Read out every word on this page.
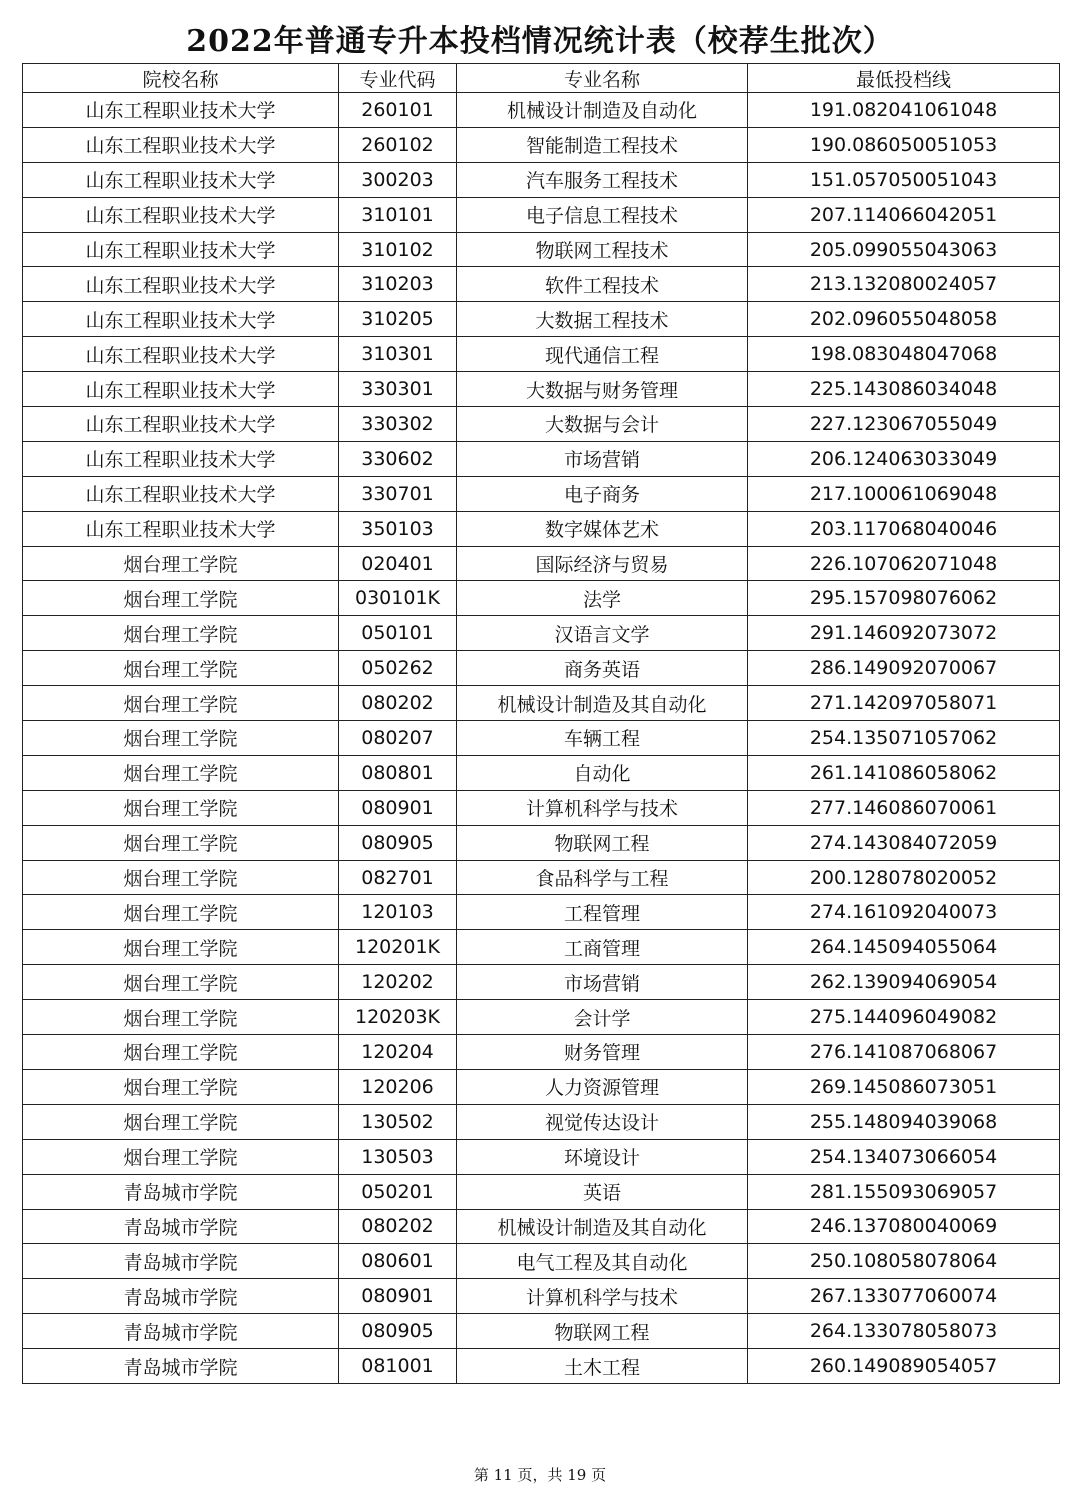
2022年普通专升本投档情况统计表（校荐生批次）
院校名称	专业代码	专业名称	最低投档线
山东工程职业技术大学	260101	机械设计制造及自动化	191.082041061048
山东工程职业技术大学	260102	智能制造工程技术	190.086050051053
山东工程职业技术大学	300203	汽车服务工程技术	151.057050051043
山东工程职业技术大学	310101	电子信息工程技术	207.114066042051
山东工程职业技术大学	310102	物联网工程技术	205.099055043063
山东工程职业技术大学	310203	软件工程技术	213.132080024057
山东工程职业技术大学	310205	大数据工程技术	202.096055048058
山东工程职业技术大学	310301	现代通信工程	198.083048047068
山东工程职业技术大学	330301	大数据与财务管理	225.143086034048
山东工程职业技术大学	330302	大数据与会计	227.123067055049
山东工程职业技术大学	330602	市场营销	206.124063033049
山东工程职业技术大学	330701	电子商务	217.100061069048
山东工程职业技术大学	350103	数字媒体艺术	203.117068040046
烟台理工学院	020401	国际经济与贸易	226.107062071048
烟台理工学院	030101K	法学	295.157098076062
烟台理工学院	050101	汉语言文学	291.146092073072
烟台理工学院	050262	商务英语	286.149092070067
烟台理工学院	080202	机械设计制造及其自动化	271.142097058071
烟台理工学院	080207	车辆工程	254.135071057062
烟台理工学院	080801	自动化	261.141086058062
烟台理工学院	080901	计算机科学与技术	277.146086070061
烟台理工学院	080905	物联网工程	274.143084072059
烟台理工学院	082701	食品科学与工程	200.128078020052
烟台理工学院	120103	工程管理	274.161092040073
烟台理工学院	120201K	工商管理	264.145094055064
烟台理工学院	120202	市场营销	262.139094069054
烟台理工学院	120203K	会计学	275.144096049082
烟台理工学院	120204	财务管理	276.141087068067
烟台理工学院	120206	人力资源管理	269.145086073051
烟台理工学院	130502	视觉传达设计	255.148094039068
烟台理工学院	130503	环境设计	254.134073066054
青岛城市学院	050201	英语	281.155093069057
青岛城市学院	080202	机械设计制造及其自动化	246.137080040069
青岛城市学院	080601	电气工程及其自动化	250.108058078064
青岛城市学院	080901	计算机科学与技术	267.133077060074
青岛城市学院	080905	物联网工程	264.133078058073
青岛城市学院	081001	土木工程	260.149089054057
第 11 页，共 19 页
